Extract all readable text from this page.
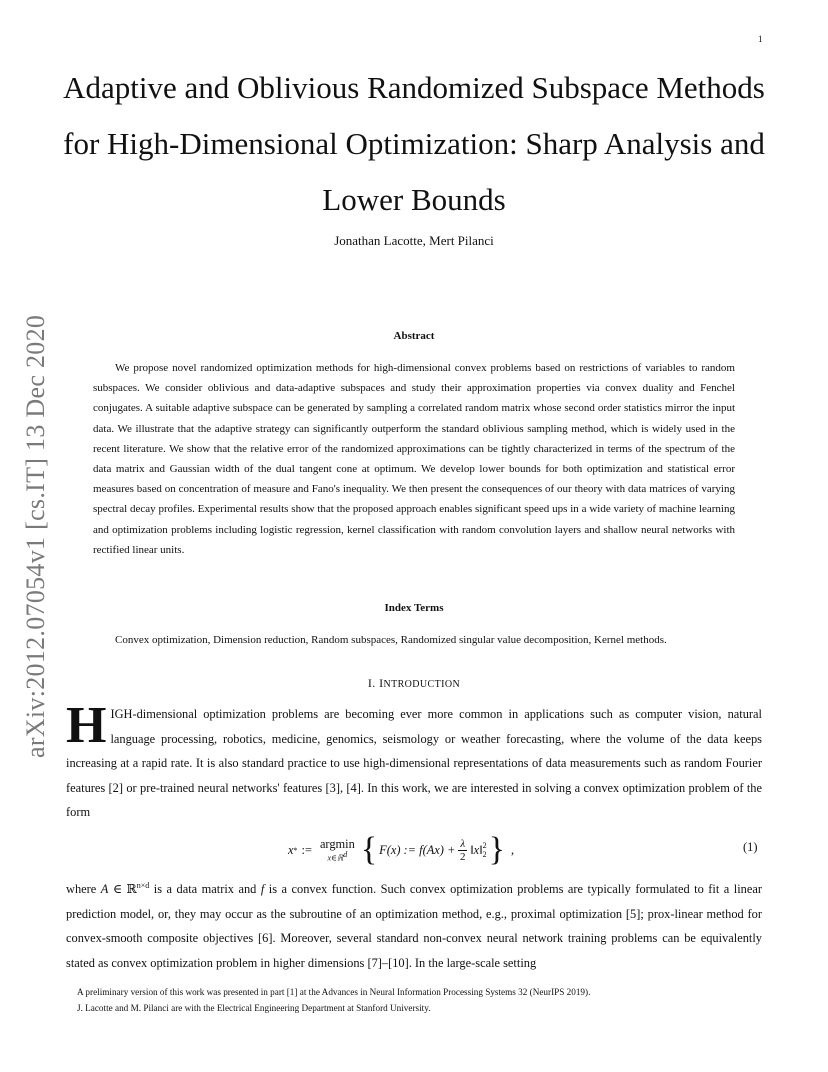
1
arXiv:2012.07054v1 [cs.IT] 13 Dec 2020
Adaptive and Oblivious Randomized Subspace Methods for High-Dimensional Optimization: Sharp Analysis and Lower Bounds
Jonathan Lacotte, Mert Pilanci
Abstract

We propose novel randomized optimization methods for high-dimensional convex problems based on restrictions of variables to random subspaces. We consider oblivious and data-adaptive subspaces and study their approximation properties via convex duality and Fenchel conjugates. A suitable adaptive subspace can be generated by sampling a correlated random matrix whose second order statistics mirror the input data. We illustrate that the adaptive strategy can significantly outperform the standard oblivious sampling method, which is widely used in the recent literature. We show that the relative error of the randomized approximations can be tightly characterized in terms of the spectrum of the data matrix and Gaussian width of the dual tangent cone at optimum. We develop lower bounds for both optimization and statistical error measures based on concentration of measure and Fano's inequality. We then present the consequences of our theory with data matrices of varying spectral decay profiles. Experimental results show that the proposed approach enables significant speed ups in a wide variety of machine learning and optimization problems including logistic regression, kernel classification with random convolution layers and shallow neural networks with rectified linear units.

Index Terms

Convex optimization, Dimension reduction, Random subspaces, Randomized singular value decomposition, Kernel methods.

I. INTRODUCTION

HIGH-dimensional optimization problems are becoming ever more common in applications such as computer vision, natural language processing, robotics, medicine, genomics, seismology or weather forecasting, where the volume of the data keeps increasing at a rapid rate. It is also standard practice to use high-dimensional representations of data measurements such as random Fourier features [2] or pre-trained neural networks' features [3], [4]. In this work, we are interested in solving a convex optimization problem of the form

x * := argmin
x∈ℝ$^d$ { F(x) := $f(Ax) + \frac{\lambda}{2}$ ‖x‖ 2
2 } ,	(1)

where A ∈ ℝ$^{n\times d}$ is a data matrix and f is a convex function. Such convex optimization problems are typically formulated to fit a linear prediction model, or, they may occur as the subroutine of an optimization method, e.g., proximal optimization [5]; prox-linear method for convex-smooth composite objectives [6]. Moreover, several standard non-convex neural network training problems can be equivalently stated as convex optimization problem in higher dimensions [7]–[10]. In the large-scale setting

A preliminary version of this work was presented in part [1] at the Advances in Neural Information Processing Systems 32 (NeurIPS 2019).

J. Lacotte and M. Pilanci are with the Electrical Engineering Department at Stanford University.
